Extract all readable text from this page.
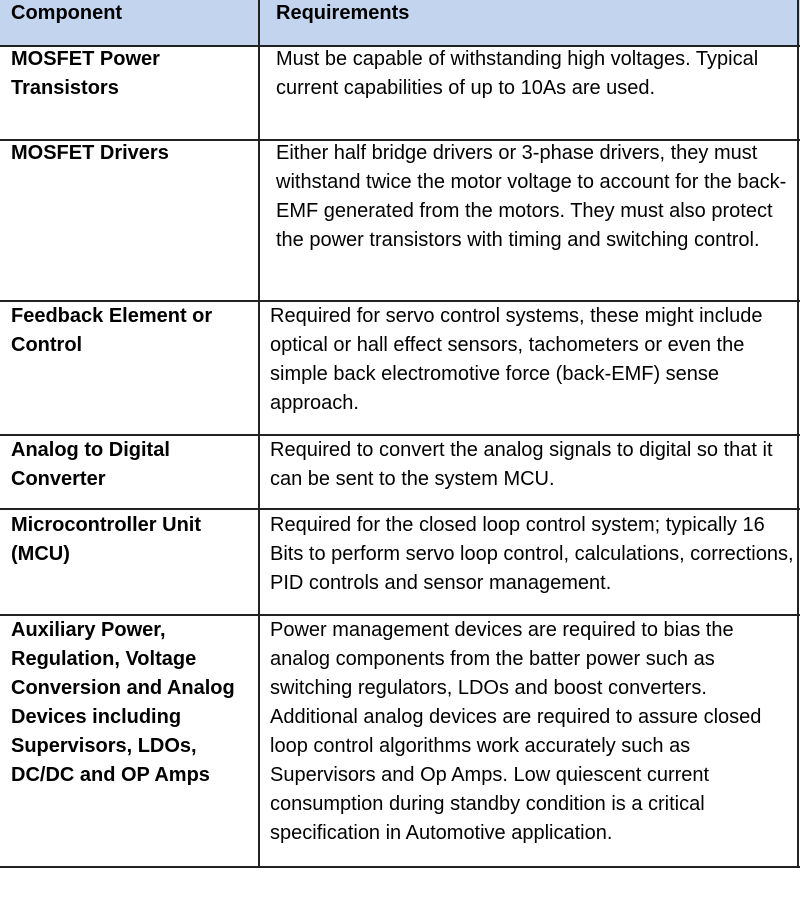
Component	Requirements
MOSFET Power Transistors
Must be capable of withstanding high voltages. Typical current capabilities of up to 10As are used.
MOSFET Drivers	Either half bridge drivers or 3-phase drivers, they must withstand twice the motor voltage to account for the back-EMF generated from the motors. They must also protect the power transistors with timing and switching control.
Feedback Element or Control
Required for servo control systems, these might include optical or hall effect sensors, tachometers or even the simple back electromotive force (back-EMF) sense approach.
Analog to Digital Converter
Required to convert the analog signals to digital so that it can be sent to the system MCU.
Microcontroller Unit (MCU)
Required for the closed loop control system; typically 16 Bits to perform servo loop control, calculations, corrections, PID controls and sensor management.
Auxiliary Power, Regulation, Voltage Conversion and Analog Devices including Supervisors, LDOs, DC/DC and OP Amps
Power management devices are required to bias the analog components from the batter power such as switching regulators, LDOs and boost converters. Additional analog devices are required to assure closed loop control algorithms work accurately such as Supervisors and Op Amps. Low quiescent current consumption during standby condition is a critical specification in Automotive application.
